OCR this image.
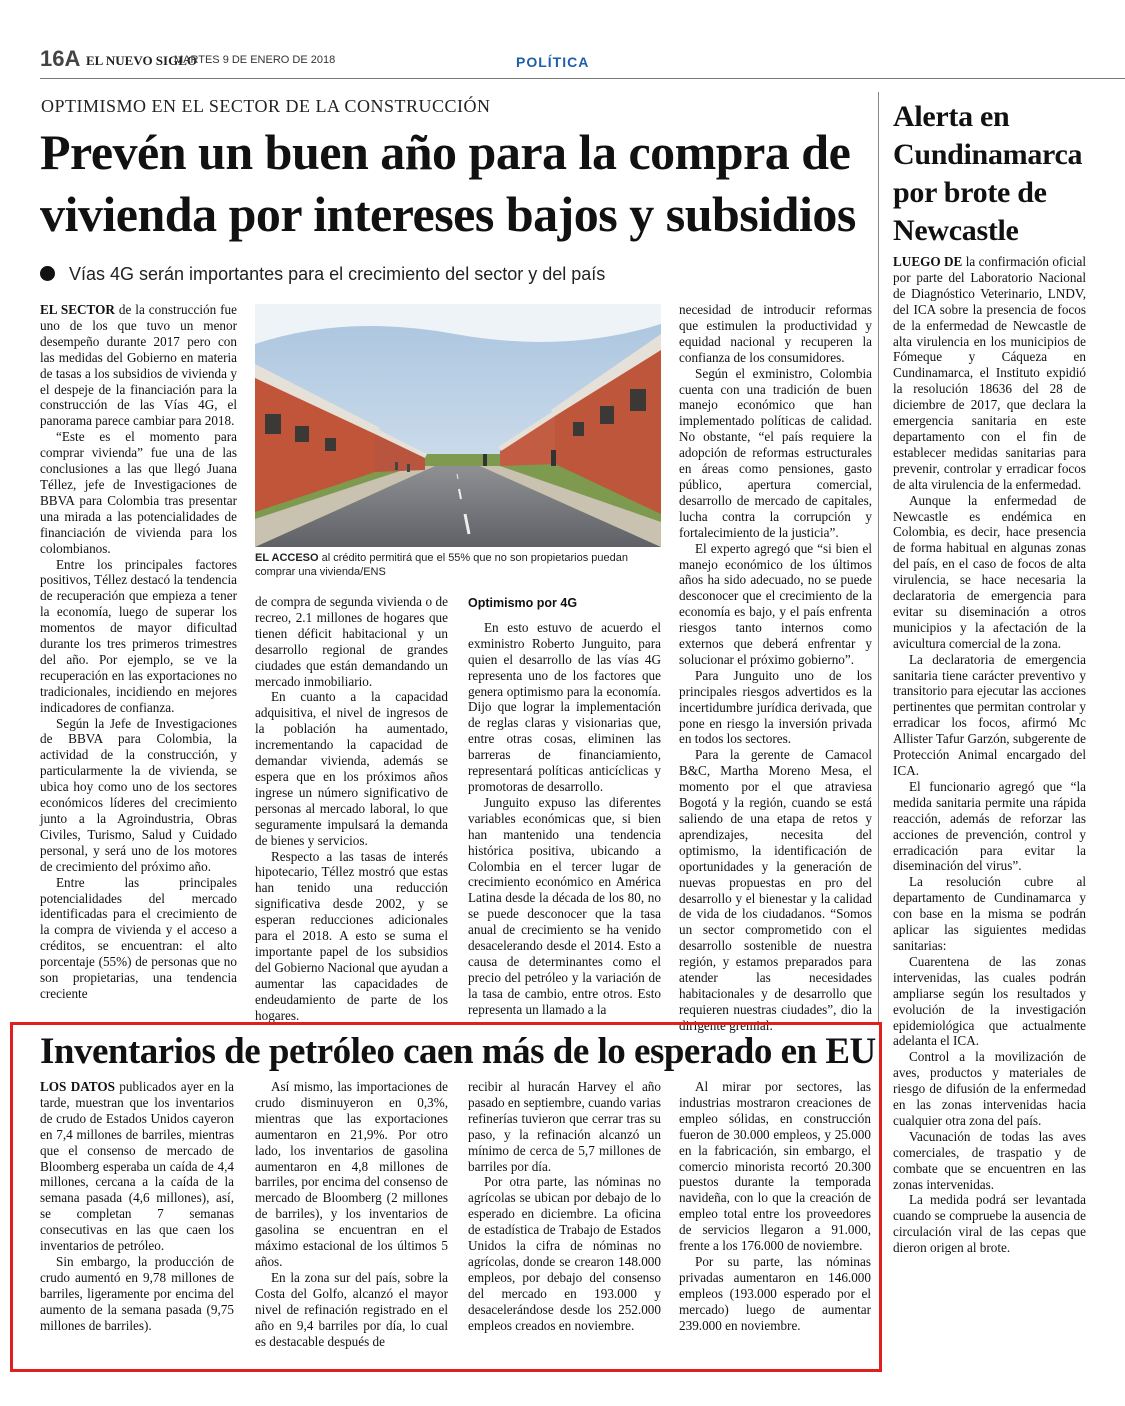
16A EL NUEVO SIGLO
MARTES 9 DE ENERO DE 2018	POLÍTICA
OPTIMISMO EN EL SECTOR DE LA CONSTRUCCIÓN
Prevén un buen año para la compra de vivienda por intereses bajos y subsidios
Vías 4G serán importantes para el crecimiento del sector y del país

EL SECTOR de la construcción fue uno de los que tuvo un menor desempeño durante 2017 pero con las medidas del Gobierno en materia de tasas a los subsidios de vivienda y el despeje de la financiación para la construcción de las Vías 4G, el panorama parece cambiar para 2018.

“Este es el momento para comprar vivienda” fue una de las conclusiones a las que llegó Juana Téllez, jefe de Investigaciones de BBVA para Colombia tras presentar una mirada a las potencialidades de financiación de vivienda para los colombianos.

Entre los principales factores positivos, Téllez destacó la tendencia de recuperación que empieza a tener la economía, luego de superar los momentos de mayor dificultad durante los tres primeros trimestres del año. Por ejemplo, se ve la recuperación en las exportaciones no tradicionales, incidiendo en mejores indicadores de confianza.

Según la Jefe de Investigaciones de BBVA para Colombia, la actividad de la construcción, y particularmente la de vivienda, se ubica hoy como uno de los sectores económicos líderes del crecimiento junto a la Agroindustria, Obras Civiles, Turismo, Salud y Cuidado personal, y será uno de los motores de crecimiento del próximo año.

Entre las principales potencialidades del mercado identificadas para el crecimiento de la compra de vivienda y el acceso a créditos, se encuentran: el alto porcentaje (55%) de personas que no son propietarias, una tendencia creciente

EL ACCESO al crédito permitirá que el 55% que no son propietarios puedan comprar una vivienda/ENS

de compra de segunda vivienda o de recreo, 2.1 millones de hogares que tienen déficit habitacional y un desarrollo regional de grandes ciudades que están demandando un mercado inmobiliario.

En cuanto a la capacidad adquisitiva, el nivel de ingresos de la población ha aumentado, incrementando la capacidad de demandar vivienda, además se espera que en los próximos años ingrese un número significativo de personas al mercado laboral, lo que seguramente impulsará la demanda de bienes y servicios.

Respecto a las tasas de interés hipotecario, Téllez mostró que estas han tenido una reducción significativa desde 2002, y se esperan reducciones adicionales para el 2018. A esto se suma el importante papel de los subsidios del Gobierno Nacional que ayudan a aumentar las capacidades de endeudamiento de parte de los hogares.

Optimismo por 4G

En esto estuvo de acuerdo el exministro Roberto Junguito, para quien el desarrollo de las vías 4G representa uno de los factores que genera optimismo para la economía. Dijo que lograr la implementación de reglas claras y visionarias que, entre otras cosas, eliminen las barreras de financiamiento, representará políticas anticíclicas y promotoras de desarrollo.

Junguito expuso las diferentes variables económicas que, si bien han mantenido una tendencia histórica positiva, ubicando a Colombia en el tercer lugar de crecimiento económico en América Latina desde la década de los 80, no se puede desconocer que la tasa anual de crecimiento se ha venido desacelerando desde el 2014. Esto a causa de determinantes como el precio del petróleo y la variación de la tasa de cambio, entre otros. Esto representa un llamado a la

necesidad de introducir reformas que estimulen la productividad y equidad nacional y recuperen la confianza de los consumidores.

Según el exministro, Colombia cuenta con una tradición de buen manejo económico que han implementado políticas de calidad. No obstante, “el país requiere la adopción de reformas estructurales en áreas como pensiones, gasto público, apertura comercial, desarrollo de mercado de capitales, lucha contra la corrupción y fortalecimiento de la justicia”.

El experto agregó que “si bien el manejo económico de los últimos años ha sido adecuado, no se puede desconocer que el crecimiento de la economía es bajo, y el país enfrenta riesgos tanto internos como externos que deberá enfrentar y solucionar el próximo gobierno”.

Para Junguito uno de los principales riesgos advertidos es la incertidumbre jurídica derivada, que pone en riesgo la inversión privada en todos los sectores.

Para la gerente de Camacol B&C, Martha Moreno Mesa, el momento por el que atraviesa Bogotá y la región, cuando se está saliendo de una etapa de retos y aprendizajes, necesita del optimismo, la identificación de oportunidades y la generación de nuevas propuestas en pro del desarrollo y el bienestar y la calidad de vida de los ciudadanos. “Somos un sector comprometido con el desarrollo sostenible de nuestra región, y estamos preparados para atender las necesidades habitacionales y de desarrollo que requieren nuestras ciudades”, dio la dirigente gremial.

Alerta en Cundinamarca por brote de Newcastle

LUEGO DE la confirmación oficial por parte del Laboratorio Nacional de Diagnóstico Veterinario, LNDV, del ICA sobre la presencia de focos de la enfermedad de Newcastle de alta virulencia en los municipios de Fómeque y Cáqueza en Cundinamarca, el Instituto expidió la resolución 18636 del 28 de diciembre de 2017, que declara la emergencia sanitaria en este departamento con el fin de establecer medidas sanitarias para prevenir, controlar y erradicar focos de alta virulencia de la enfermedad.

Aunque la enfermedad de Newcastle es endémica en Colombia, es decir, hace presencia de forma habitual en algunas zonas del país, en el caso de focos de alta virulencia, se hace necesaria la declaratoria de emergencia para evitar su diseminación a otros municipios y la afectación de la avicultura comercial de la zona.

La declaratoria de emergencia sanitaria tiene carácter preventivo y transitorio para ejecutar las acciones pertinentes que permitan controlar y erradicar los focos, afirmó Mc Allister Tafur Garzón, subgerente de Protección Animal encargado del ICA.

El funcionario agregó que “la medida sanitaria permite una rápida reacción, además de reforzar las acciones de prevención, control y erradicación para evitar la diseminación del virus”.

La resolución cubre al departamento de Cundinamarca y con base en la misma se podrán aplicar las siguientes medidas sanitarias:

Cuarentena de las zonas intervenidas, las cuales podrán ampliarse según los resultados y evolución de la investigación epidemiológica que actualmente adelanta el ICA.

Control a la movilización de aves, productos y materiales de riesgo de difusión de la enfermedad en las zonas intervenidas hacia cualquier otra zona del país.

Vacunación de todas las aves comerciales, de traspatio y de combate que se encuentren en las zonas intervenidas.

La medida podrá ser levantada cuando se compruebe la ausencia de circulación viral de las cepas que dieron origen al brote.

Inventarios de petróleo caen más de lo esperado en EU

LOS DATOS publicados ayer en la tarde, muestran que los inventarios de crudo de Estados Unidos cayeron en 7,4 millones de barriles, mientras que el consenso de mercado de Bloomberg esperaba un caída de 4,4 millones, cercana a la caída de la semana pasada (4,6 millones), así, se completan 7 semanas consecutivas en las que caen los inventarios de petróleo.

Sin embargo, la producción de crudo aumentó en 9,78 millones de barriles, ligeramente por encima del aumento de la semana pasada (9,75 millones de barriles).

Así mismo, las importaciones de crudo disminuyeron en 0,3%, mientras que las exportaciones aumentaron en 21,9%. Por otro lado, los inventarios de gasolina aumentaron en 4,8 millones de barriles, por encima del consenso de mercado de Bloomberg (2 millones de barriles), y los inventarios de gasolina se encuentran en el máximo estacional de los últimos 5 años.

En la zona sur del país, sobre la Costa del Golfo, alcanzó el mayor nivel de refinación registrado en el año en 9,4 barriles por día, lo cual es destacable después de

recibir al huracán Harvey el año pasado en septiembre, cuando varias refinerías tuvieron que cerrar tras su paso, y la refinación alcanzó un mínimo de cerca de 5,7 millones de barriles por día.

Por otra parte, las nóminas no agrícolas se ubican por debajo de lo esperado en diciembre. La oficina de estadística de Trabajo de Estados Unidos la cifra de nóminas no agrícolas, donde se crearon 148.000 empleos, por debajo del consenso del mercado en 193.000 y desacelerándose desde los 252.000 empleos creados en noviembre.

Al mirar por sectores, las industrias mostraron creaciones de empleo sólidas, en construcción fueron de 30.000 empleos, y 25.000 en la fabricación, sin embargo, el comercio minorista recortó 20.300 puestos durante la temporada navideña, con lo que la creación de empleo total entre los proveedores de servicios llegaron a 91.000, frente a los 176.000 de noviembre.

Por su parte, las nóminas privadas aumentaron en 146.000 empleos (193.000 esperado por el mercado) luego de aumentar 239.000 en noviembre.
